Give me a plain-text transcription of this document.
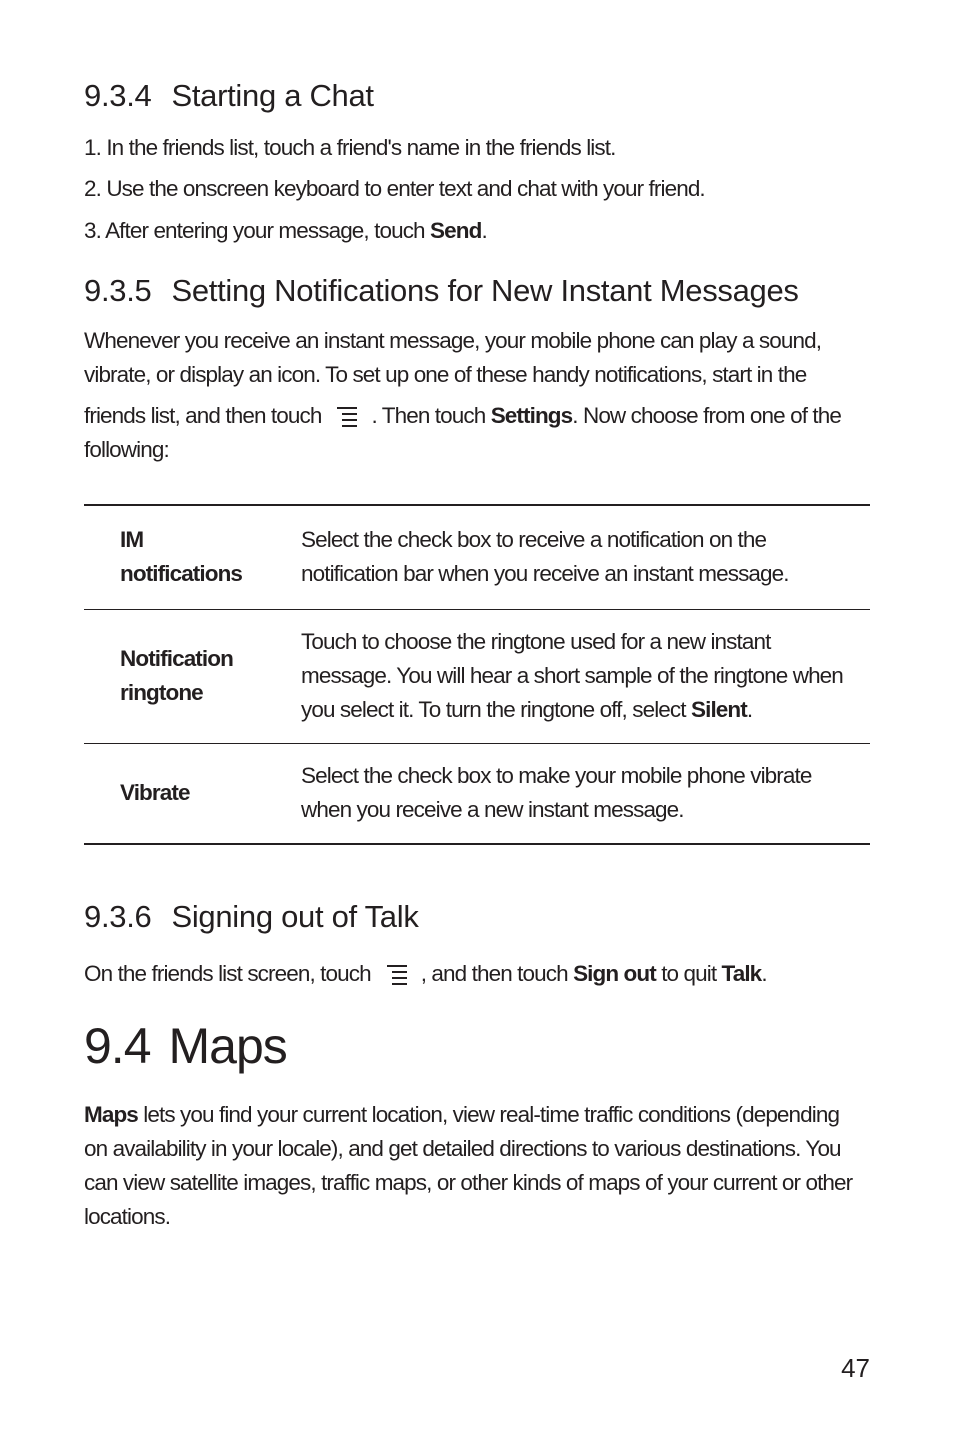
9.3.4 Starting a Chat

1. In the friends list, touch a friend's name in the friends list.

2. Use the onscreen keyboard to enter text and chat with your friend.

3. After entering your message, touch Send.

9.3.5 Setting Notifications for New Instant Messages

Whenever you receive an instant message, your mobile phone can play a sound,

vibrate, or display an icon. To set up one of these handy notifications, start in the

friends list, and then touch . Then touch Settings. Now choose from one of the

following:

IM
notifications	Select the check box to receive a notification on the
notification bar when you receive an instant message.
Notification
ringtone	Touch to choose the ringtone used for a new instant
message. You will hear a short sample of the ringtone when
you select it. To turn the ringtone off, select Silent.
Vibrate	Select the check box to make your mobile phone vibrate
when you receive a new instant message.
9.3.6 Signing out of Talk

On the friends list screen, touch , and then touch Sign out to quit Talk.

9.4 Maps

Maps lets you find your current location, view real-time traffic conditions (depending

on availability in your locale), and get detailed directions to various destinations. You

can view satellite images, traffic maps, or other kinds of maps of your current or other

locations.

47
